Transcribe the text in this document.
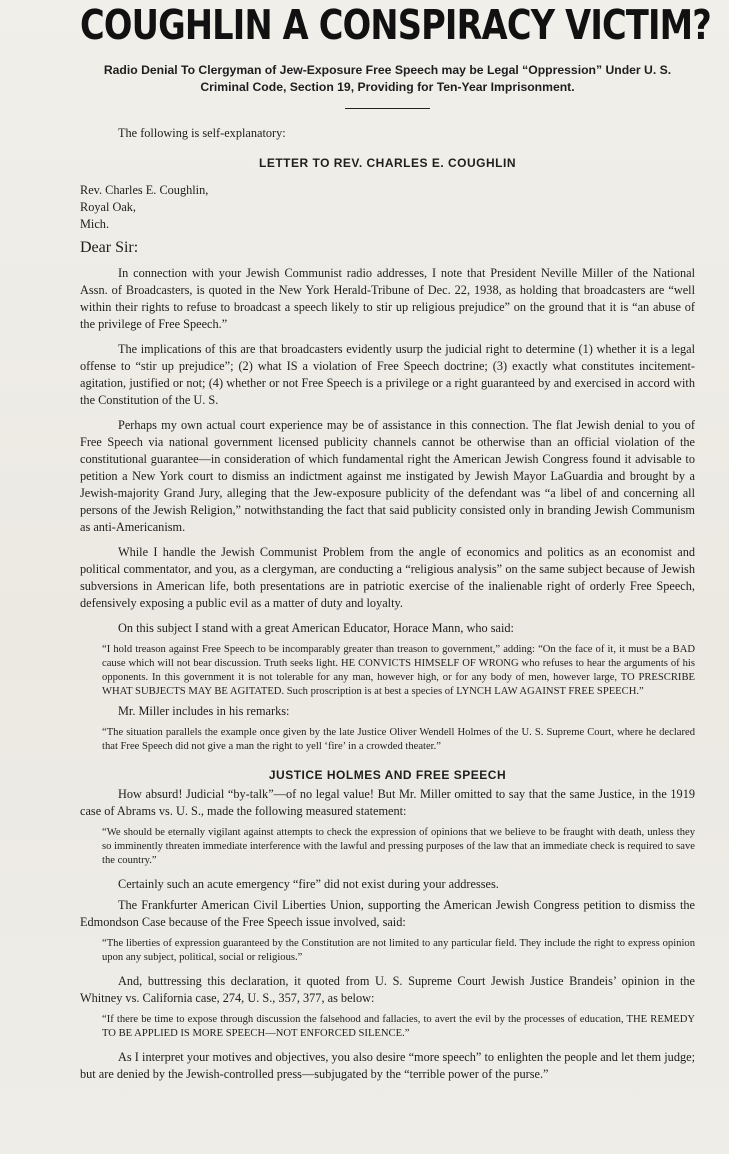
COUGHLIN A CONSPIRACY VICTIM?
Radio Denial To Clergyman of Jew-Exposure Free Speech may be Legal “Oppression” Under U. S. Criminal Code, Section 19, Providing for Ten-Year Imprisonment.

The following is self-explanatory:

LETTER TO REV. CHARLES E. COUGHLIN
Rev. Charles E. Coughlin,
Royal Oak,
Mich.
Dear Sir:

In connection with your Jewish Communist radio addresses, I note that President Neville Miller of the National Assn. of Broadcasters, is quoted in the New York Herald-Tribune of Dec. 22, 1938, as holding that broadcasters are “well within their rights to refuse to broadcast a speech likely to stir up religious prejudice” on the ground that it is “an abuse of the privilege of Free Speech.”

The implications of this are that broadcasters evidently usurp the judicial right to determine (1) whether it is a legal offense to “stir up prejudice”; (2) what IS a violation of Free Speech doctrine; (3) exactly what constitutes incitement-agitation, justified or not; (4) whether or not Free Speech is a privilege or a right guaranteed by and exercised in accord with the Constitution of the U. S.

Perhaps my own actual court experience may be of assistance in this connection. The flat Jewish denial to you of Free Speech via national government licensed publicity channels cannot be otherwise than an official violation of the constitutional guarantee—in consideration of which fundamental right the American Jewish Congress found it advisable to petition a New York court to dismiss an indictment against me instigated by Jewish Mayor LaGuardia and brought by a Jewish-majority Grand Jury, alleging that the Jew-exposure publicity of the defendant was “a libel of and concerning all persons of the Jewish Religion,” notwithstanding the fact that said publicity consisted only in branding Jewish Communism as anti-Americanism.

While I handle the Jewish Communist Problem from the angle of economics and politics as an economist and political commentator, and you, as a clergyman, are conducting a “religious analysis” on the same subject because of Jewish subversions in American life, both presentations are in patriotic exercise of the inalienable right of orderly Free Speech, defensively exposing a public evil as a matter of duty and loyalty.

On this subject I stand with a great American Educator, Horace Mann, who said:

“I hold treason against Free Speech to be incomparably greater than treason to government,” adding: “On the face of it, it must be a BAD cause which will not bear discussion. Truth seeks light. HE CONVICTS HIMSELF OF WRONG who refuses to hear the arguments of his opponents. In this government it is not tolerable for any man, however high, or for any body of men, however large, TO PRESCRIBE WHAT SUBJECTS MAY BE AGITATED. Such proscription is at best a species of LYNCH LAW AGAINST FREE SPEECH.”

Mr. Miller includes in his remarks:

“The situation parallels the example once given by the late Justice Oliver Wendell Holmes of the U. S. Supreme Court, where he declared that Free Speech did not give a man the right to yell ‘fire’ in a crowded theater.”

JUSTICE HOLMES AND FREE SPEECH

How absurd! Judicial “by-talk”—of no legal value! But Mr. Miller omitted to say that the same Justice, in the 1919 case of Abrams vs. U. S., made the following measured statement:

“We should be eternally vigilant against attempts to check the expression of opinions that we believe to be fraught with death, unless they so imminently threaten immediate interference with the lawful and pressing purposes of the law that an immediate check is required to save the country.”

Certainly such an acute emergency “fire” did not exist during your addresses.

The Frankfurter American Civil Liberties Union, supporting the American Jewish Congress petition to dismiss the Edmondson Case because of the Free Speech issue involved, said:

“The liberties of expression guaranteed by the Constitution are not limited to any particular field. They include the right to express opinion upon any subject, political, social or religious.”

And, buttressing this declaration, it quoted from U. S. Supreme Court Jewish Justice Brandeis’ opinion in the Whitney vs. California case, 274, U. S., 357, 377, as below:

“If there be time to expose through discussion the falsehood and fallacies, to avert the evil by the processes of education, THE REMEDY TO BE APPLIED IS MORE SPEECH—NOT ENFORCED SILENCE.”

As I interpret your motives and objectives, you also desire “more speech” to enlighten the people and let them judge; but are denied by the Jewish-controlled press—subjugated by the “terrible power of the purse.”
